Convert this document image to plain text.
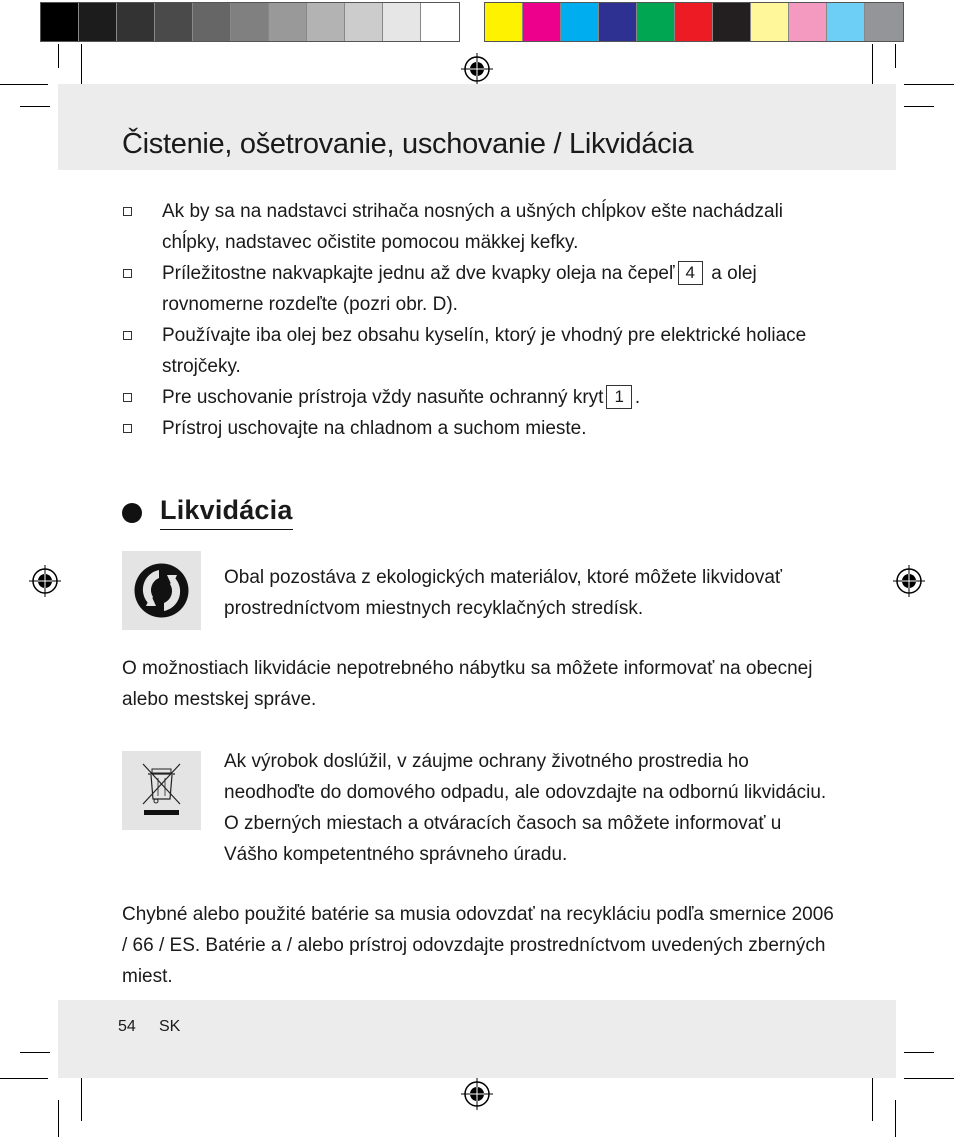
Čistenie, ošetrovanie, uschovanie / Likvidácia
Ak by sa na nadstavci strihača nosných a ušných chĺpkov ešte nachádzali chĺpky, nadstavec očistite pomocou mäkkej kefky.
Príležitostne nakvapkajte jednu až dve kvapky oleja na čepeľ 4 a olej rovnomerne rozdeľte (pozri obr. D).
Používajte iba olej bez obsahu kyselín, ktorý je vhodný pre elektrické holiace strojčeky.
Pre uschovanie prístroja vždy nasuňte ochranný kryt 1 .
Prístroj uschovajte na chladnom a suchom mieste.
Likvidácia

Obal pozostáva z ekologických materiálov, ktoré môžete likvidovať prostredníctvom miestnych recyklačných stredísk.

O možnostiach likvidácie nepotrebného nábytku sa môžete informovať na obecnej alebo mestskej správe.

Ak výrobok doslúžil, v záujme ochrany životného prostredia ho neodhoďte do domového odpadu, ale odovzdajte na odbornú likvidáciu. O zberných miestach a otváracích časoch sa môžete informovať u Vášho kompetentného správneho úradu.

Chybné alebo použité batérie sa musia odovzdať na recykláciu podľa smernice 2006 / 66 / ES. Batérie a / alebo prístroj odovzdajte prostredníctvom uvedených zberných miest.

54 SK
